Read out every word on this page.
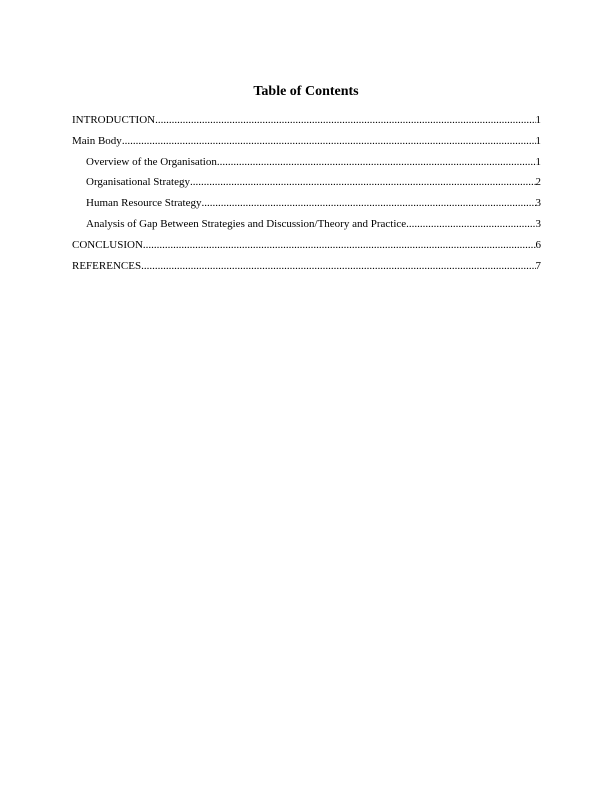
Table of Contents
INTRODUCTION .....	1
Main Body .....	1
Overview of the Organisation .....	1
Organisational Strategy .....	2
Human Resource Strategy .....	3
Analysis of Gap Between Strategies and Discussion/Theory and Practice .....	3
CONCLUSION .....	6
REFERENCES .....	7
